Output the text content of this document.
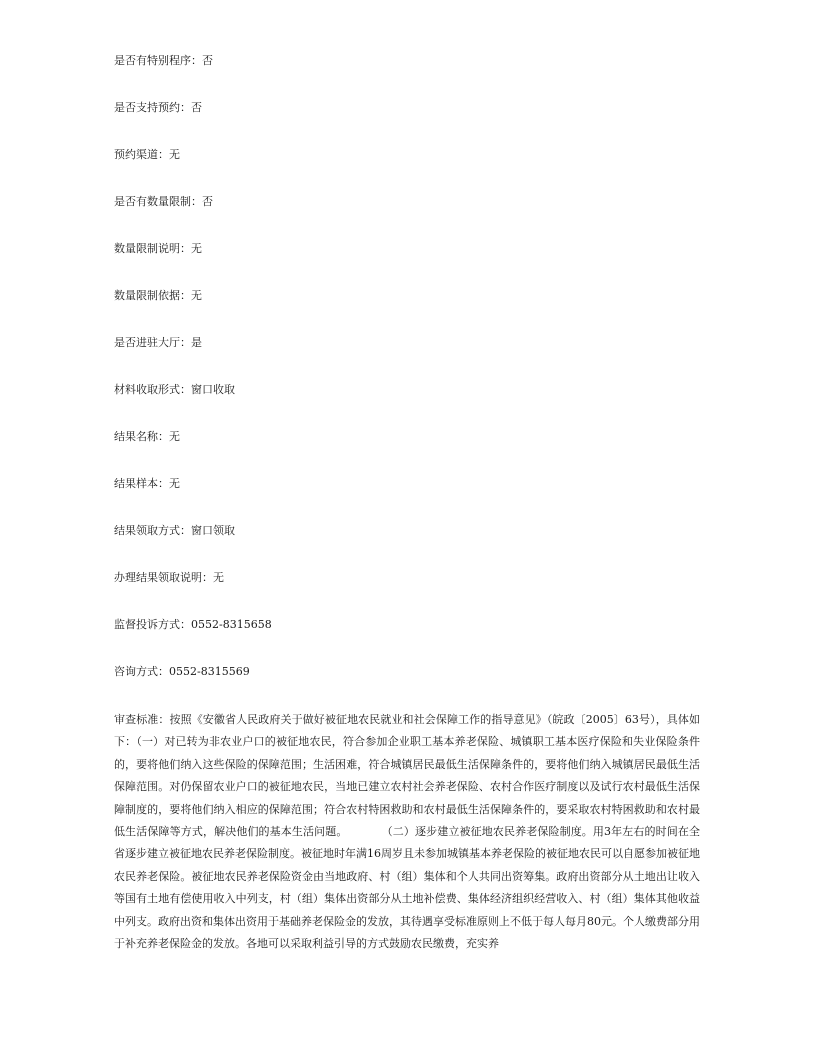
是否有特别程序：否
是否支持预约：否
预约渠道：无
是否有数量限制：否
数量限制说明：无
数量限制依据：无
是否进驻大厅：是
材料收取形式：窗口收取
结果名称：无
结果样本：无
结果领取方式：窗口领取
办理结果领取说明：无
监督投诉方式：0552-8315658
咨询方式：0552-8315569
审查标准：按照《安徽省人民政府关于做好被征地农民就业和社会保障工作的指导意见》（皖政〔2005〕63号），具体如下：（一）对已转为非农业户口的被征地农民，符合参加企业职工基本养老保险、城镇职工基本医疗保险和失业保险条件的，要将他们纳入这些保险的保障范围；生活困难，符合城镇居民最低生活保障条件的，要将他们纳入城镇居民最低生活保障范围。对仍保留农业户口的被征地农民，当地已建立农村社会养老保险、农村合作医疗制度以及试行农村最低生活保障制度的，要将他们纳入相应的保障范围；符合农村特困救助和农村最低生活保障条件的，要采取农村特困救助和农村最低生活保障等方式，解决他们的基本生活问题。	（二）逐步建立被征地农民养老保险制度。用3年左右的时间在全省逐步建立被征地农民养老保险制度。被征地时年满16周岁且未参加城镇基本养老保险的被征地农民可以自愿参加被征地农民养老保险。被征地农民养老保险资金由当地政府、村（组）集体和个人共同出资筹集。政府出资部分从土地出让收入等国有土地有偿使用收入中列支，村（组）集体出资部分从土地补偿费、集体经济组织经营收入、村（组）集体其他收益中列支。政府出资和集体出资用于基础养老保险金的发放，其待遇享受标准原则上不低于每人每月80元。个人缴费部分用于补充养老保险金的发放。各地可以采取利益引导的方式鼓励农民缴费，充实养
